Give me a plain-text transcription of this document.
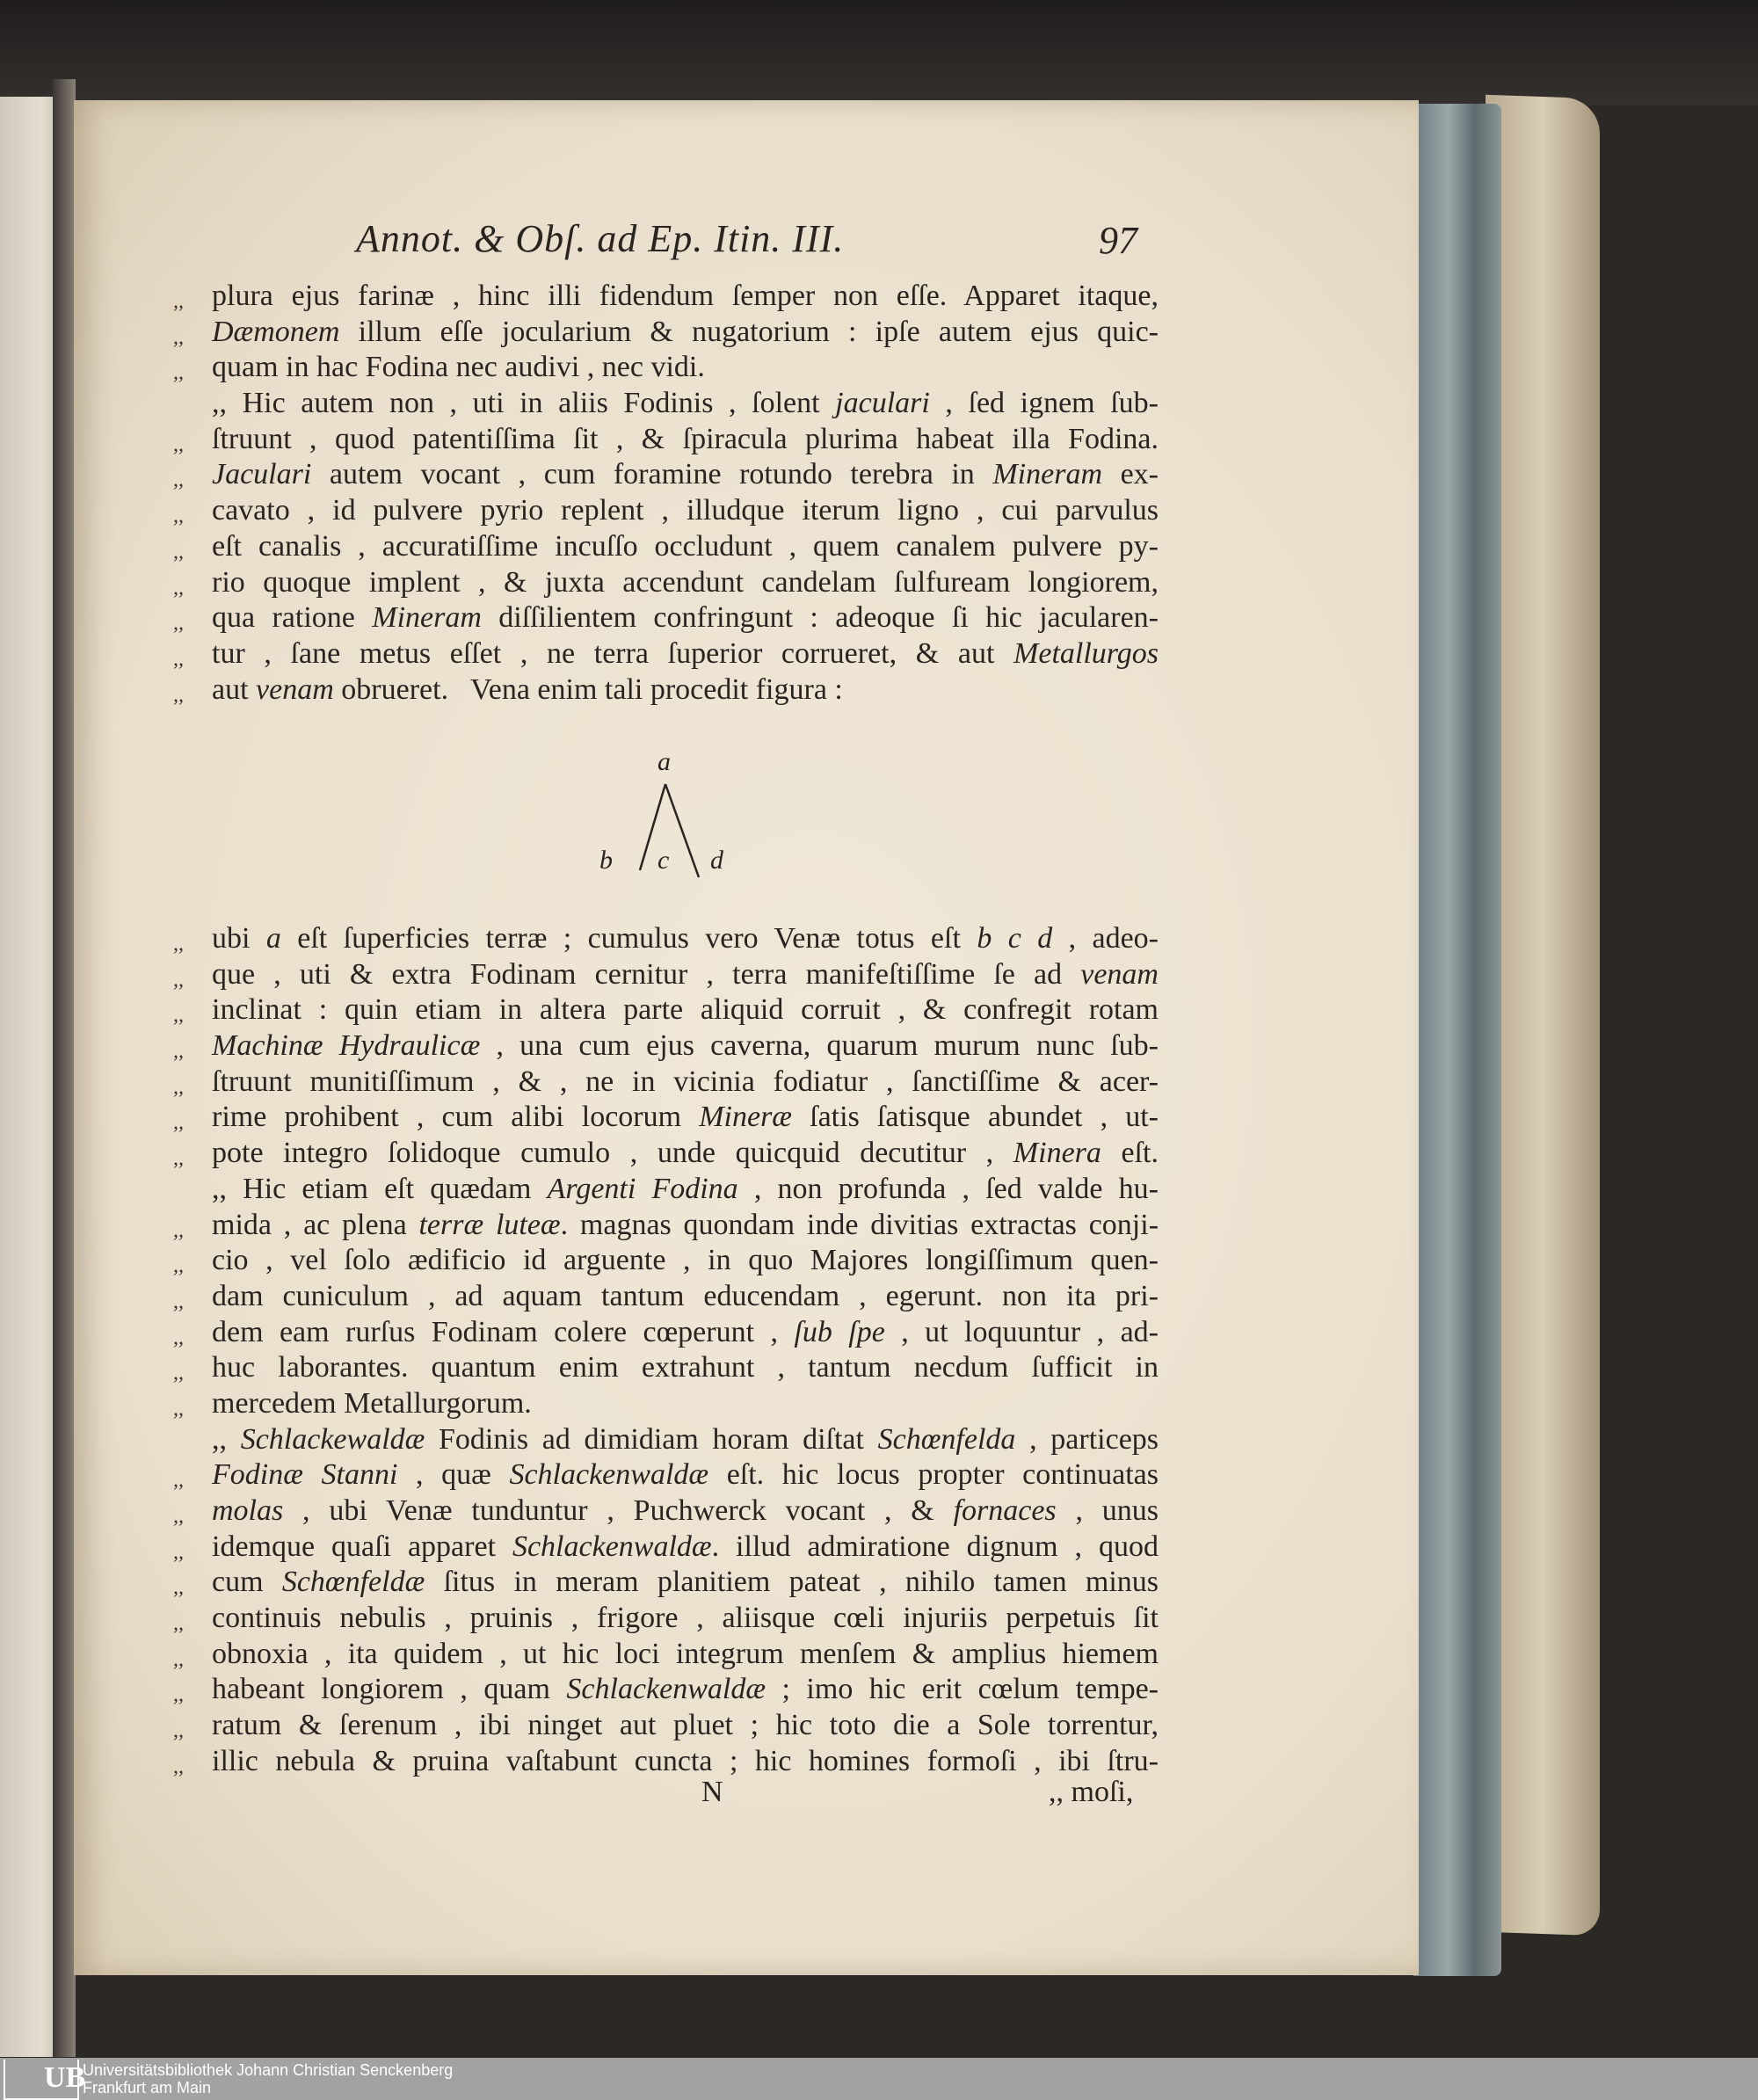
Annot. & Obſ. ad Ep. Itin. III.	97
,, plura ejus farinæ , hinc illi fidendum ſemper non eſſe. Apparet itaque,
,, Dæmonem illum eſſe jocularium & nugatorium : ipſe autem ejus quic-
,, quam in hac Fodina nec audivi , nec vidi.
,, Hic autem non , uti in aliis Fodinis , ſolent jaculari , ſed ignem ſub-
,, ſtruunt , quod patentiſſima ſit , & ſpiracula plurima habeat illa Fodina.
,, Jaculari autem vocant , cum foramine rotundo terebra in Mineram ex-
,, cavato , id pulvere pyrio replent , illudque iterum ligno , cui parvulus
,, eſt canalis , accuratiſſime incuſſo occludunt , quem canalem pulvere py-
,, rio quoque implent , & juxta accendunt candelam ſulfuream longiorem,
,, qua ratione Mineram diſſilientem confringunt : adeoque ſi hic jacularen-
,, tur , ſane metus eſſet , ne terra ſuperior corrueret, & aut Metallurgos
,, aut venam obrueret.   Vena enim tali procedit figura :
a
b c d
,, ubi a eſt ſuperficies terræ ; cumulus vero Venæ totus eſt b c d , adeo-
,, que , uti & extra Fodinam cernitur , terra manifeſtiſſime ſe ad venam
,, inclinat : quin etiam in altera parte aliquid corruit , & confregit rotam
,, Machinæ Hydraulicæ , una cum ejus caverna, quarum murum nunc ſub-
,, ſtruunt munitiſſimum , & , ne in vicinia fodiatur , ſanctiſſime & acer-
,, rime prohibent , cum alibi locorum Mineræ ſatis ſatisque abundet , ut-
,, pote integro ſolidoque cumulo , unde quicquid decutitur , Minera eſt.
,, Hic etiam eſt quædam Argenti Fodina , non profunda , ſed valde hu-
,, mida , ac plena terræ luteæ. magnas quondam inde divitias extractas conji-
,, cio , vel ſolo ædificio id arguente , in quo Majores longiſſimum quen-
,, dam cuniculum , ad aquam tantum educendam , egerunt. non ita pri-
,, dem eam rurſus Fodinam colere cœperunt , ſub ſpe , ut loquuntur , ad-
,, huc laborantes. quantum enim extrahunt , tantum necdum ſufficit in
,, mercedem Metallurgorum.
,, Schlackewaldæ Fodinis ad dimidiam horam diſtat Schœnfelda , particeps
,, Fodinæ Stanni , quæ Schlackenwaldæ eſt. hic locus propter continuatas
,, molas , ubi Venæ tunduntur , Puchwerck vocant , & fornaces , unus
,, idemque quaſi apparet Schlackenwaldæ. illud admiratione dignum , quod
,, cum Schœnfeldæ ſitus in meram planitiem pateat , nihilo tamen minus
,, continuis nebulis , pruinis , frigore , aliisque cœli injuriis perpetuis ſit
,, obnoxia , ita quidem , ut hic loci integrum menſem & amplius hiemem
,, habeant longiorem , quam Schlackenwaldæ ; imo hic erit cœlum tempe-
,, ratum & ſerenum , ibi ninget aut pluet ; hic toto die a Sole torrentur,
,, illic nebula & pruina vaſtabunt cuncta ; hic homines formoſi , ibi ſtru-
N	,, moſi,
UB
Universitätsbibliothek Johann Christian Senckenberg
Frankfurt am Main
